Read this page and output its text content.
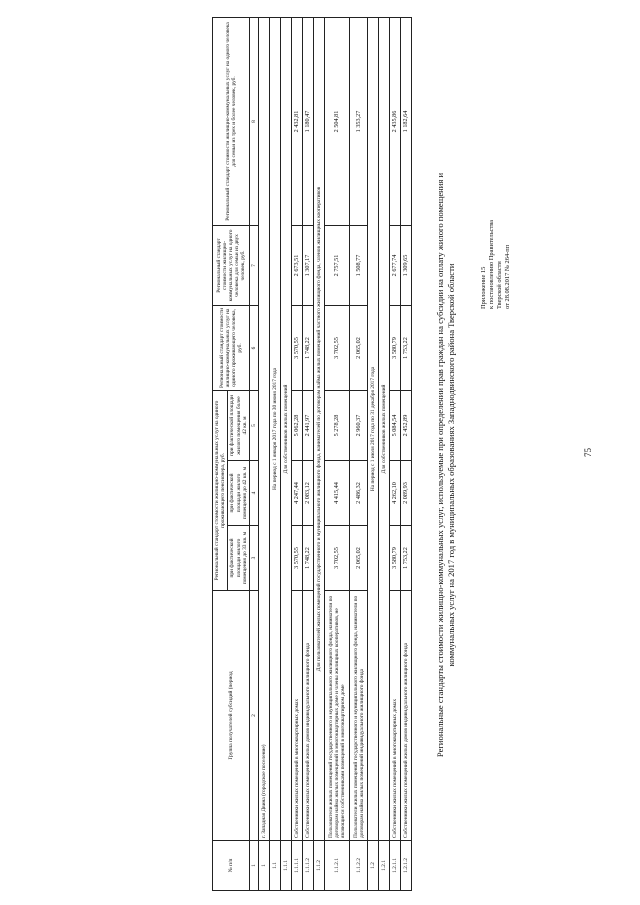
75
Приложение 15 к постановлению Правительства Тверской области от 28.08.2017 № 264-пп
Региональные стандарты стоимости жилищно-коммунальных услуг, используемые при определении прав граждан на субсидии на оплату жилого помещения и коммунальных услуг на 2017 год в муниципальных образованиях Западнодвинского района Тверской области
№ п/п	Группа получателей субсидий (период	Региональный стандарт стоимости жилищно-коммунальных услуг на одиного проживающего пенсионера, руб.			Региональный стандарт стоимости жилищно-коммунальных услуг на одиного проживающего человека, руб.	Региональный стандарт стоимости жилищно-коммунальных услуг на одного человека для семьи из двух человек, руб.	Региональный стандарт стоимости жилищно-коммунальных услуг на одного человека для семьи из трех и более человек, руб.
		при фактической площади жилого помещения до 33 кв. м	при фактической площади жилого помещения до 42 кв. м	при фактической площади жилого помещения более 42 кв. м			
1	2	3	4	5	6	7	8
1	г. Западная Двина (городское поселение)						
1.1	На период с 1 января 2017 года по 30 июня 2017 года						
1.1.1	Для собственников жилых помещений						
1.1.1.1	Собственники жилых помещений в многоквартирных домах	3 570,55	4 247,44	5 062,28	3 570,55	2 673,51	2 432,81
1.1.1.2	Собственники жилых помещений жилых домов индивидуального жилищного фонда	1 748,22	2 083,12	2 441,97	1 748,22	1 307,17	1 180,47
1.1.2	Для пользователей жилых помещений государственного и муниципального жилищного фонда, нанимателей по договорам найма жилых помещений частного жилищного фонда, членов жилищных кооперативов						
1.1.2.1	Пользователи жилых помещений государственного и муниципального жилищного фонда, наниматели по договорам найма жилых помещений в многоквартирных доме и члены жилищных кооперативов, не являющиеся собственниками помещений в многоквартирном доме	3 702,55	4 415,44	5 278,28	3 702,55	2 757,51	2 504,81
1.1.2.2	Пользователи жилых помещений государственного и муниципального жилищного фонда, наниматели по договорам найма жилых помещений индивидуального жилищного фонда	2 065,02	2 486,32	2 960,37	2 065,02	1 508,77	1 353,27
1.2	На период с 1 июля 2017 года по 31 декабря 2017 года						
1.2.1	Для собственников жилых помещений						
1.2.1.1	Собственники жилых помещений в многоквартирных домах	3 580,79	4 262,10	5 084,54	3 580,79	2 677,74	2 435,86
1.2.1.2	Собственники жилых помещений жилых домов индивидуального жилищного фонда	1 753,22	2 089,93	2 452,89	1 753,22	1 309,65	1 182,64
